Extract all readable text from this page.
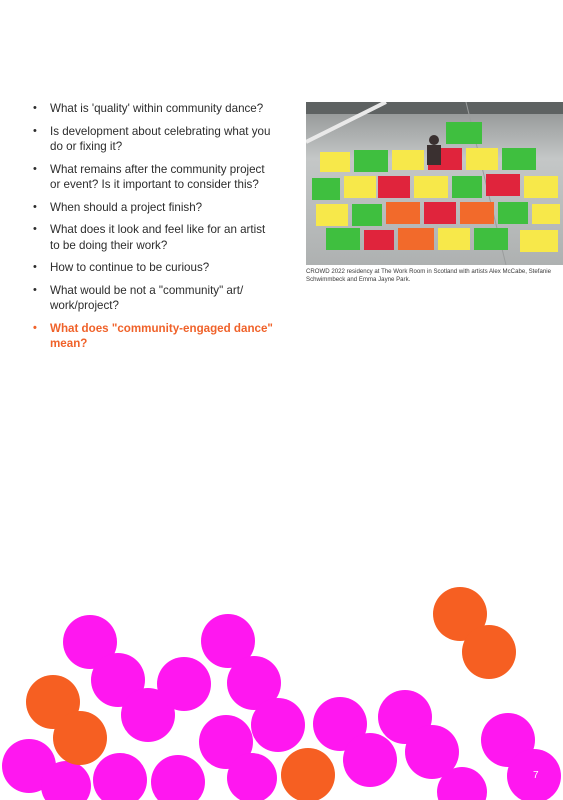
• What is 'quality' within community dance?
• Is development about celebrating what you do or fixing it?
• What remains after the community project or event? Is it important to consider this?
• When should a project finish?
• What does it look and feel like for an artist to be doing their work?
• How to continue to be curious?
• What would be not a "community" art/ work/project?
• What does "community-engaged dance" mean?

CROWD 2022 residency at The Work Room in Scotland with artists Alex McCabe, Stefanie Schwimmbeck and Emma Jayne Park.

7
